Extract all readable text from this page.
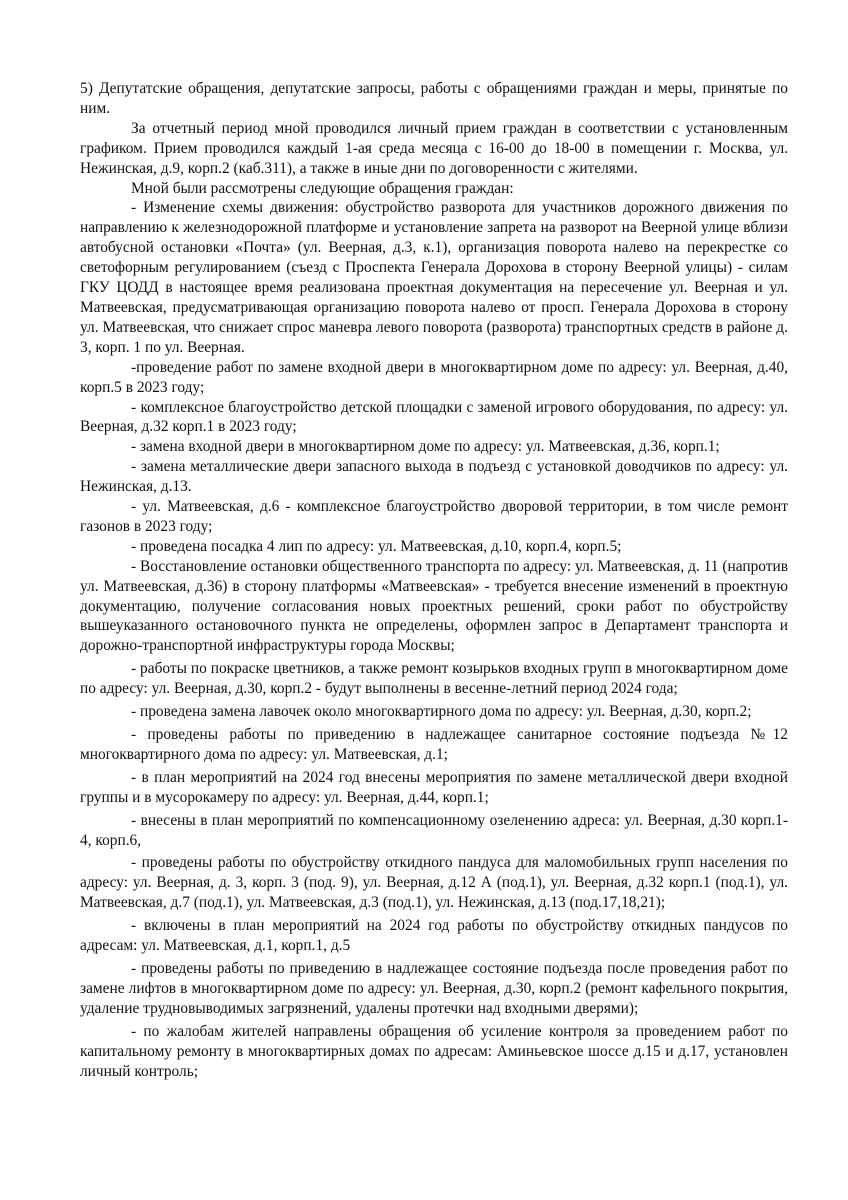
5) Депутатские обращения, депутатские запросы, работы с обращениями граждан и меры, принятые по ним.

За отчетный период мной проводился личный прием граждан в соответствии с установленным графиком. Прием проводился каждый 1-ая среда месяца с 16-00 до 18-00 в помещении г. Москва, ул. Нежинская, д.9, корп.2 (каб.311), а также в иные дни по договоренности с жителями.

Мной были рассмотрены следующие обращения граждан:

- Изменение схемы движения: обустройство разворота для участников дорожного движения по направлению к железнодорожной платформе и установление запрета на разворот на Веерной улице вблизи автобусной остановки «Почта» (ул. Веерная, д.3, к.1), организация поворота налево на перекрестке со светофорным регулированием (съезд с Проспекта Генерала Дорохова в сторону Веерной улицы) - силам ГКУ ЦОДД в настоящее время реализована проектная документация на пересечение ул. Веерная и ул. Матвеевская, предусматривающая организацию поворота налево от просп. Генерала Дорохова в сторону ул. Матвеевская, что снижает спрос маневра левого поворота (разворота) транспортных средств в районе д. 3, корп. 1 по ул. Веерная.

-проведение работ по замене входной двери в многоквартирном доме по адресу: ул. Веерная, д.40, корп.5 в 2023 году;

- комплексное благоустройство детской площадки с заменой игрового оборудования, по адресу: ул. Веерная, д.32 корп.1 в 2023 году;

- замена входной двери в многоквартирном доме по адресу: ул. Матвеевская, д.36, корп.1;

- замена металлические двери запасного выхода в подъезд с установкой доводчиков по адресу: ул. Нежинская, д.13.

- ул. Матвеевская, д.6 - комплексное благоустройство дворовой территории, в том числе ремонт газонов в 2023 году;

- проведена посадка 4 лип по адресу: ул. Матвеевская, д.10, корп.4, корп.5;

- Восстановление остановки общественного транспорта по адресу: ул. Матвеевская, д. 11 (напротив ул. Матвеевская, д.36) в сторону платформы «Матвеевская» - требуется внесение изменений в проектную документацию, получение согласования новых проектных решений, сроки работ по обустройству вышеуказанного остановочного пункта не определены, оформлен запрос в Департамент транспорта и дорожно-транспортной инфраструктуры города Москвы;

- работы по покраске цветников, а также ремонт козырьков входных групп в многоквартирном доме по адресу: ул. Веерная, д.30, корп.2 - будут выполнены в весенне-летний период 2024 года;

- проведена замена лавочек около многоквартирного дома по адресу: ул. Веерная, д.30, корп.2;

- проведены работы по приведению в надлежащее санитарное состояние подъезда №12 многоквартирного дома по адресу: ул. Матвеевская, д.1;

- в план мероприятий на 2024 год внесены мероприятия по замене металлической двери входной группы и в мусорокамеру по адресу: ул. Веерная, д.44, корп.1;

- внесены в план мероприятий по компенсационному озеленению адреса: ул. Веерная, д.30 корп.1-4, корп.6,

- проведены работы по обустройству откидного пандуса для маломобильных групп населения по адресу: ул. Веерная, д. 3, корп. 3 (под. 9), ул. Веерная, д.12 А (под.1), ул. Веерная, д.32 корп.1 (под.1), ул. Матвеевская, д.7 (под.1), ул. Матвеевская, д.3 (под.1), ул. Нежинская, д.13 (под.17,18,21);

- включены в план мероприятий на 2024 год работы по обустройству откидных пандусов по адресам: ул. Матвеевская, д.1, корп.1, д.5

- проведены работы по приведению в надлежащее состояние подъезда после проведения работ по замене лифтов в многоквартирном доме по адресу: ул. Веерная, д.30, корп.2 (ремонт кафельного покрытия, удаление трудновыводимых загрязнений, удалены протечки над входными дверями);

- по жалобам жителей направлены обращения об усиление контроля за проведением работ по капитальному ремонту в многоквартирных домах по адресам: Аминьевское шоссе д.15 и д.17, установлен личный контроль;
